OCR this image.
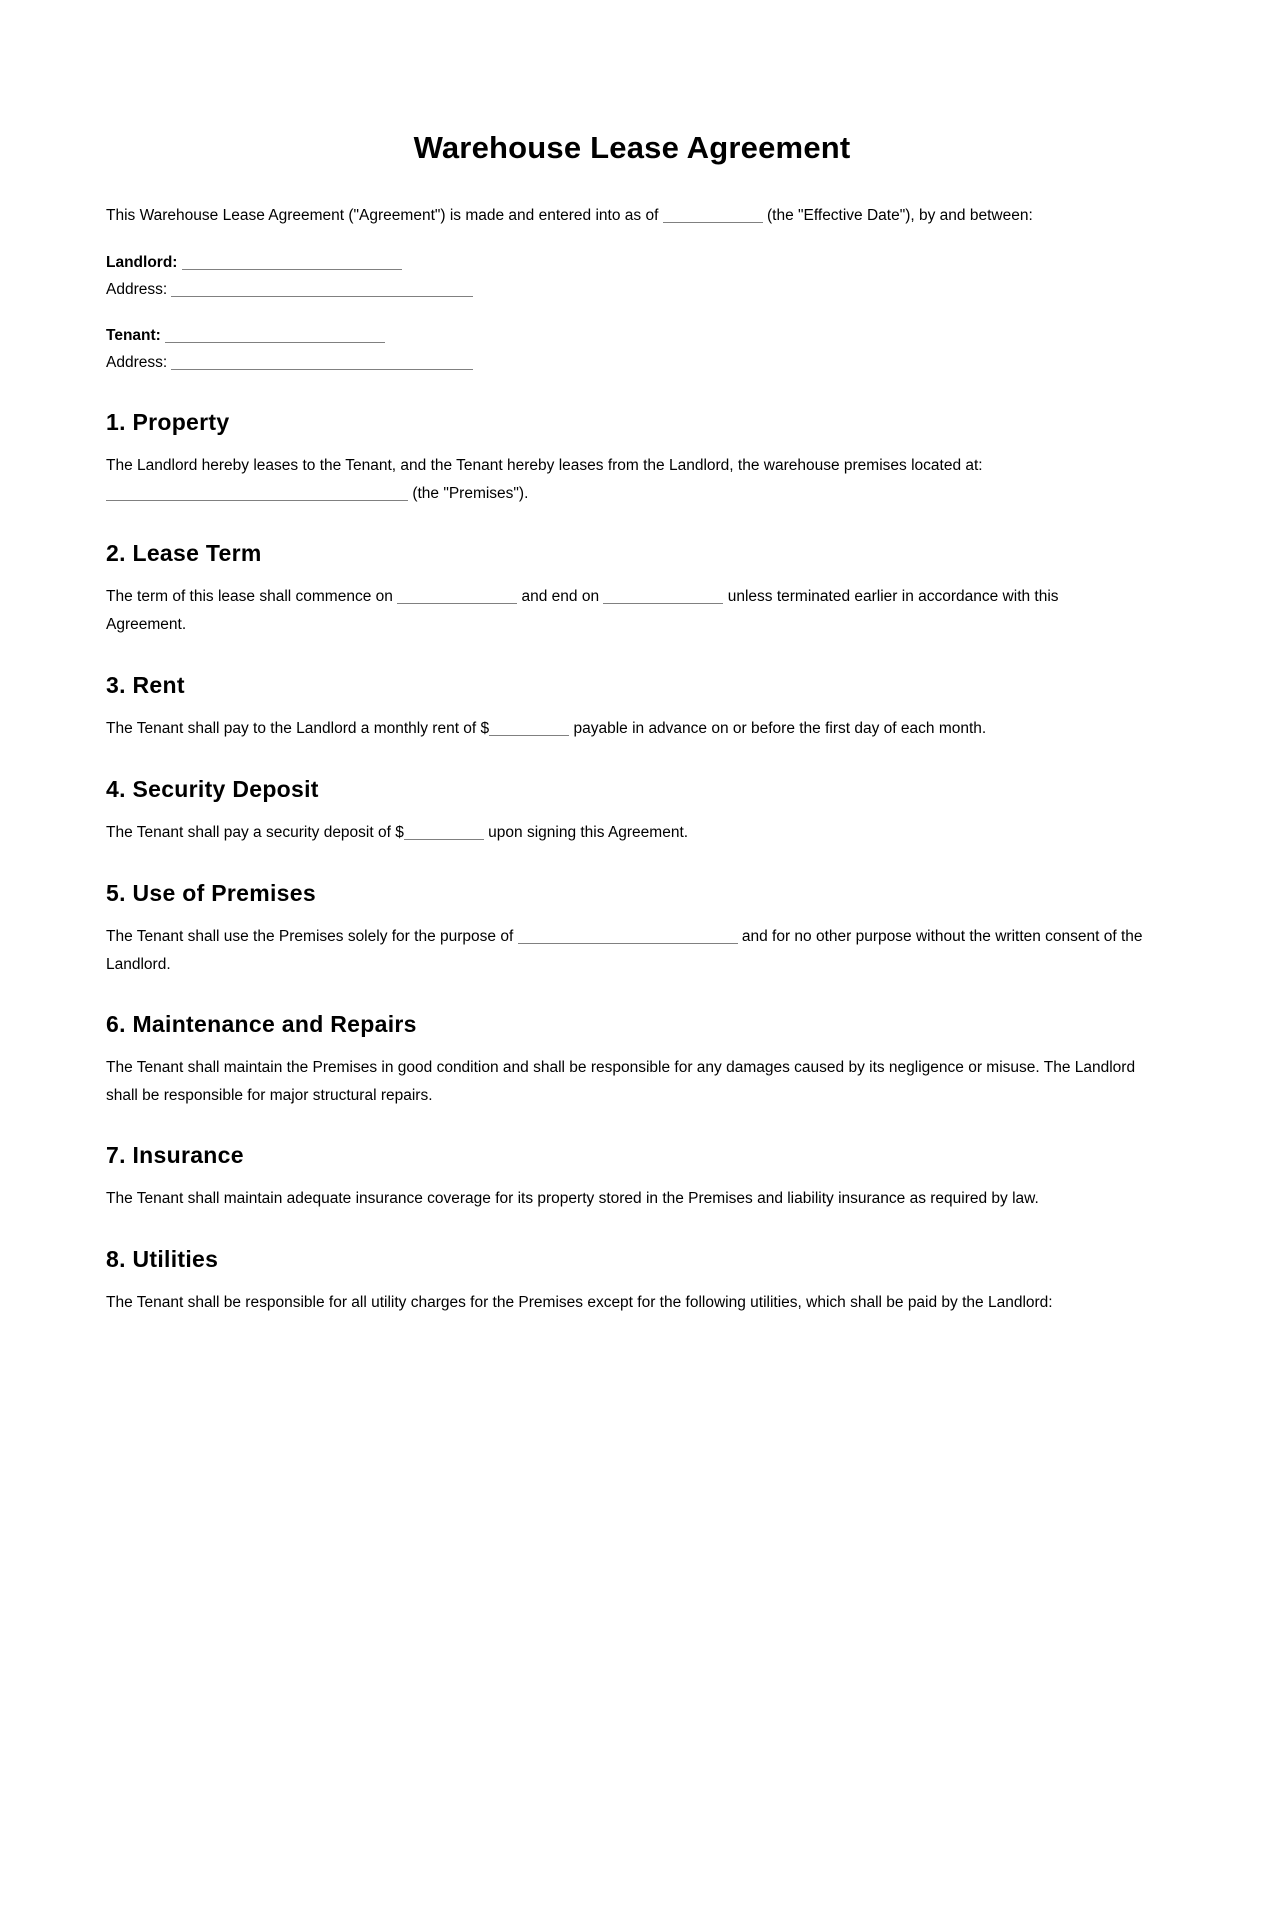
Warehouse Lease Agreement

This Warehouse Lease Agreement ("Agreement") is made and entered into as of	(the "Effective Date"), by and between:

Landlord:
Address:
Tenant:
Address:
1. Property

The Landlord hereby leases to the Tenant, and the Tenant hereby leases from the Landlord, the warehouse premises located at:
(the "Premises").

2. Lease Term

The term of this lease shall commence on	and end on	unless terminated earlier in accordance with this Agreement.

3. Rent

The Tenant shall pay to the Landlord a monthly rent of $	payable in advance on or before the first day of each month.

4. Security Deposit

The Tenant shall pay a security deposit of $	upon signing this Agreement.

5. Use of Premises

The Tenant shall use the Premises solely for the purpose of	and for no other purpose without the written consent of the Landlord.

6. Maintenance and Repairs

The Tenant shall maintain the Premises in good condition and shall be responsible for any damages caused by its negligence or misuse. The Landlord shall be responsible for major structural repairs.

7. Insurance

The Tenant shall maintain adequate insurance coverage for its property stored in the Premises and liability insurance as required by law.

8. Utilities

The Tenant shall be responsible for all utility charges for the Premises except for the following utilities, which shall be paid by the Landlord:
